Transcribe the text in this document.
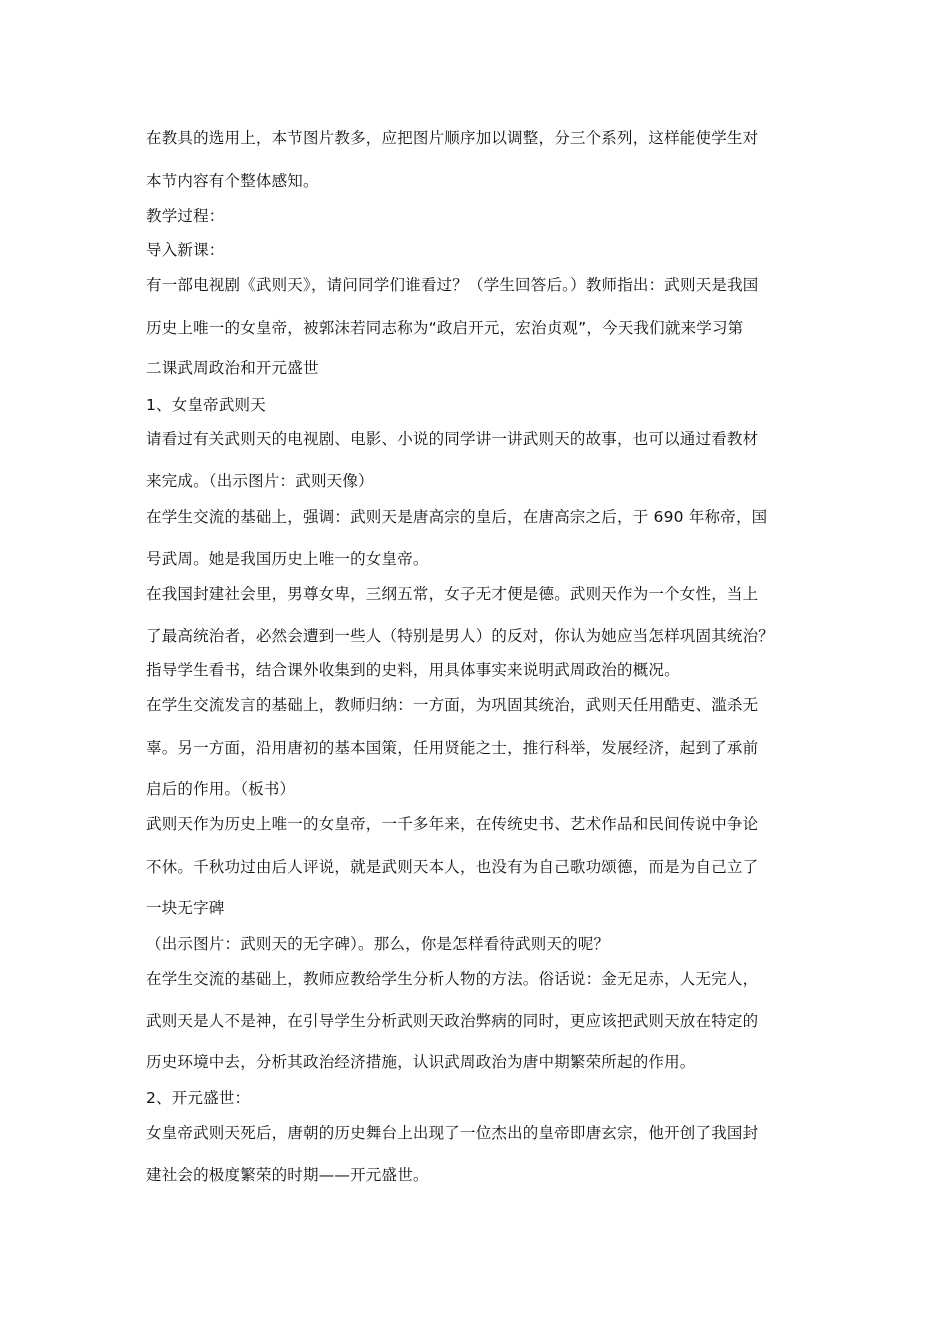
在教具的选用上，本节图片教多，应把图片顺序加以调整，分三个系列，这样能使学生对
本节内容有个整体感知。
教学过程：
导入新课：
有一部电视剧《武则天》，请问同学们谁看过？（学生回答后。）教师指出：武则天是我国
历史上唯一的女皇帝，被郭沫若同志称为“政启开元，宏治贞观”，今天我们就来学习第
二课武周政治和开元盛世
1、女皇帝武则天
请看过有关武则天的电视剧、电影、小说的同学讲一讲武则天的故事，也可以通过看教材
来完成。（出示图片：武则天像）
在学生交流的基础上，强调：武则天是唐高宗的皇后，在唐高宗之后，于 690 年称帝，国
号武周。她是我国历史上唯一的女皇帝。
在我国封建社会里，男尊女卑，三纲五常，女子无才便是德。武则天作为一个女性，当上
了最高统治者，必然会遭到一些人（特别是男人）的反对，你认为她应当怎样巩固其统治？
指导学生看书，结合课外收集到的史料，用具体事实来说明武周政治的概况。
在学生交流发言的基础上，教师归纳：一方面，为巩固其统治，武则天任用酷吏、滥杀无
辜。另一方面，沿用唐初的基本国策，任用贤能之士，推行科举，发展经济，起到了承前
启后的作用。（板书）
武则天作为历史上唯一的女皇帝，一千多年来，在传统史书、艺术作品和民间传说中争论
不休。千秋功过由后人评说，就是武则天本人，也没有为自己歌功颂德，而是为自己立了
一块无字碑
（出示图片：武则天的无字碑）。那么，你是怎样看待武则天的呢？
在学生交流的基础上，教师应教给学生分析人物的方法。俗话说：金无足赤，人无完人，
武则天是人不是神，在引导学生分析武则天政治弊病的同时，更应该把武则天放在特定的
历史环境中去，分析其政治经济措施，认识武周政治为唐中期繁荣所起的作用。
2、开元盛世：
女皇帝武则天死后，唐朝的历史舞台上出现了一位杰出的皇帝即唐玄宗，他开创了我国封
建社会的极度繁荣的时期——开元盛世。
